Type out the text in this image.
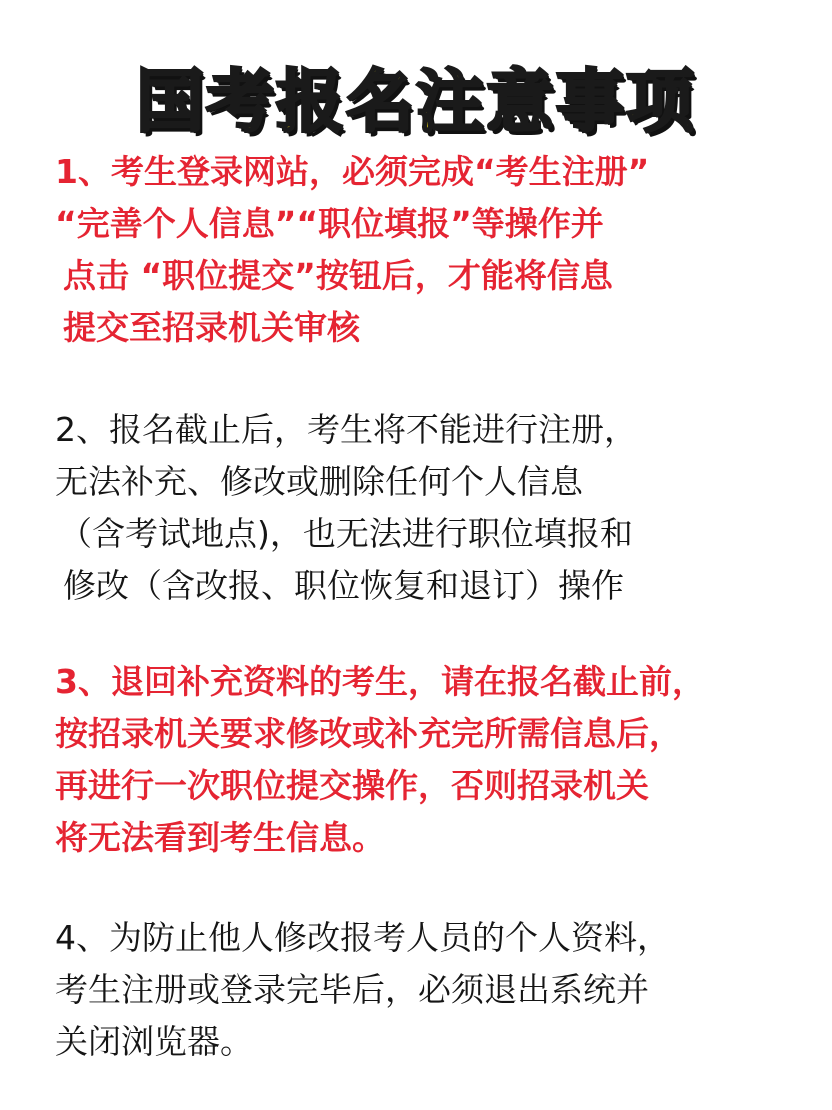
国考报名注意事项
1、考生登录网站，必须完成“考生注册”
“完善个人信息”“职位填报”等操作并
点击 “职位提交”按钮后，才能将信息
提交至招录机关审核
2、报名截止后，考生将不能进行注册，
无法补充、修改或删除任何个人信息
（含考试地点)，也无法进行职位填报和
修改（含改报、职位恢复和退订）操作
3、退回补充资料的考生，请在报名截止前，
按招录机关要求修改或补充完所需信息后，
再进行一次职位提交操作，否则招录机关
将无法看到考生信息。
4、为防止他人修改报考人员的个人资料，
考生注册或登录完毕后，必须退出系统并
关闭浏览器。
